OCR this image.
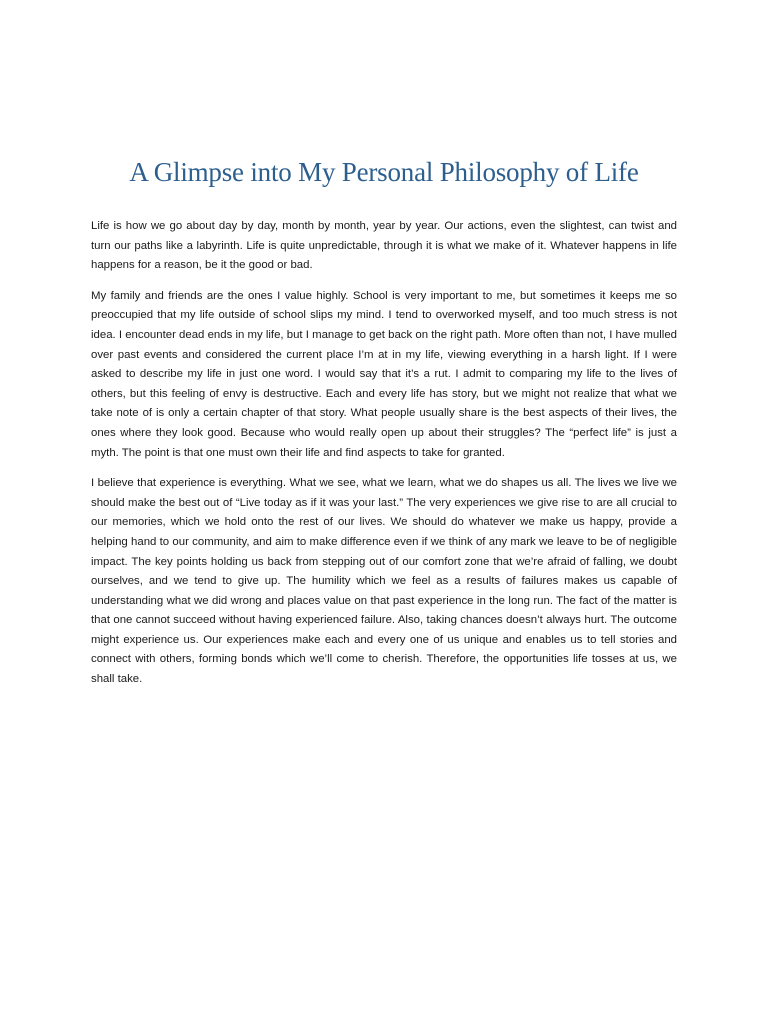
A Glimpse into My Personal Philosophy of Life

Life is how we go about day by day, month by month, year by year. Our actions, even the slightest, can twist and turn our paths like a labyrinth. Life is quite unpredictable, through it is what we make of it. Whatever happens in life happens for a reason, be it the good or bad.

My family and friends are the ones I value highly. School is very important to me, but sometimes it keeps me so preoccupied that my life outside of school slips my mind. I tend to overworked myself, and too much stress is not idea. I encounter dead ends in my life, but I manage to get back on the right path. More often than not, I have mulled over past events and considered the current place I’m at in my life, viewing everything in a harsh light. If I were asked to describe my life in just one word. I would say that it’s a rut. I admit to comparing my life to the lives of others, but this feeling of envy is destructive. Each and every life has story, but we might not realize that what we take note of is only a certain chapter of that story. What people usually share is the best aspects of their lives, the ones where they look good. Because who would really open up about their struggles? The “perfect life” is just a myth. The point is that one must own their life and find aspects to take for granted.

I believe that experience is everything. What we see, what we learn, what we do shapes us all. The lives we live we should make the best out of “Live today as if it was your last.” The very experiences we give rise to are all crucial to our memories, which we hold onto the rest of our lives. We should do whatever we make us happy, provide a helping hand to our community, and aim to make difference even if we think of any mark we leave to be of negligible impact. The key points holding us back from stepping out of our comfort zone that we’re afraid of falling, we doubt ourselves, and we tend to give up. The humility which we feel as a results of failures makes us capable of understanding what we did wrong and places value on that past experience in the long run. The fact of the matter is that one cannot succeed without having experienced failure. Also, taking chances doesn’t always hurt. The outcome might experience us. Our experiences make each and every one of us unique and enables us to tell stories and connect with others, forming bonds which we’ll come to cherish. Therefore, the opportunities life tosses at us, we shall take.
